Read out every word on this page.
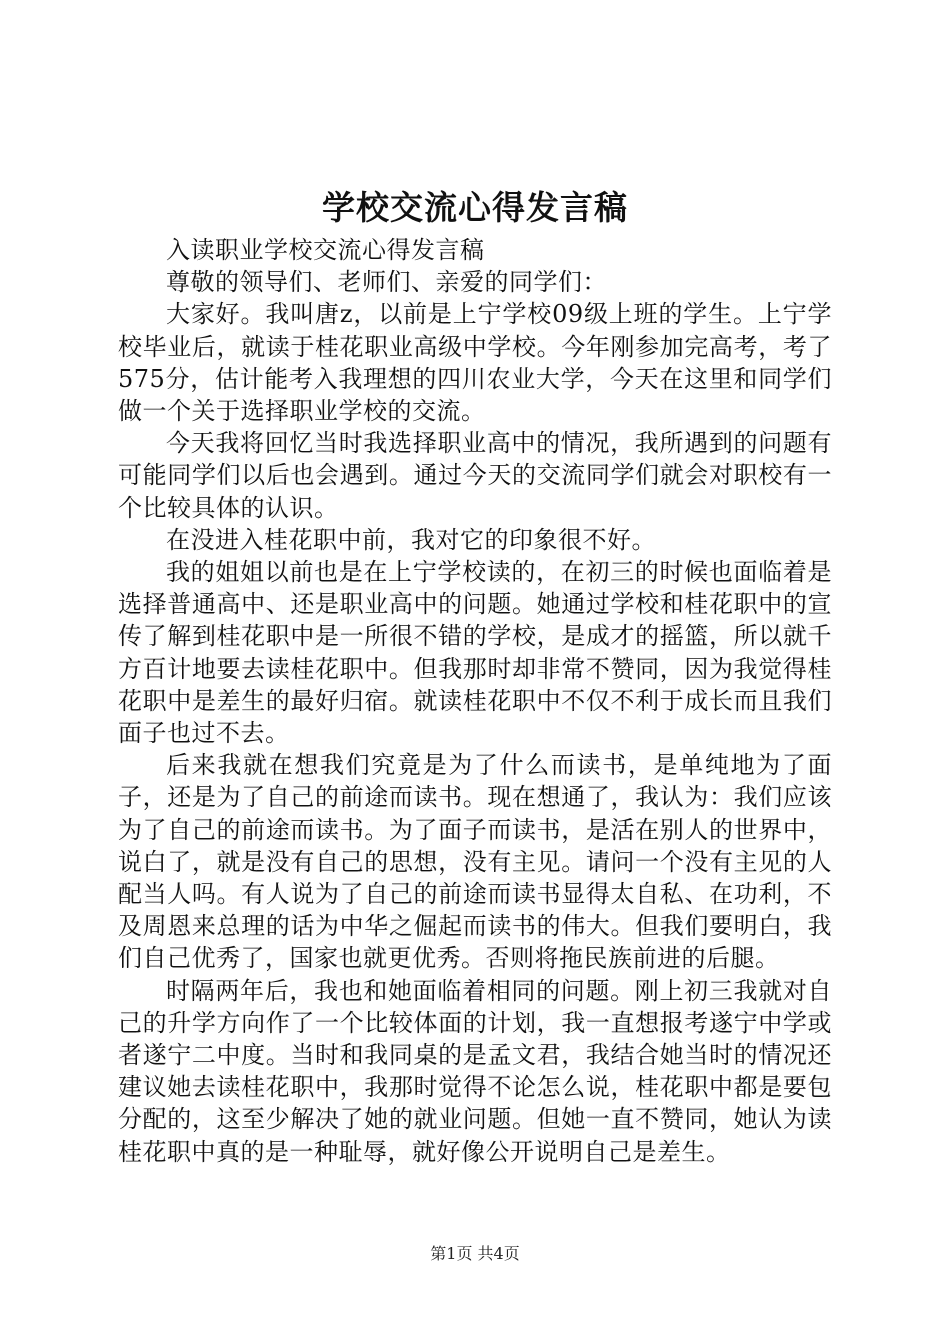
学校交流心得发言稿

入读职业学校交流心得发言稿

尊敬的领导们、老师们、亲爱的同学们：

大家好。我叫唐z，以前是上宁学校09级上班的学生。上宁学校毕业后，就读于桂花职业高级中学校。今年刚参加完高考，考了575分，估计能考入我理想的四川农业大学，今天在这里和同学们做一个关于选择职业学校的交流。

今天我将回忆当时我选择职业高中的情况，我所遇到的问题有可能同学们以后也会遇到。通过今天的交流同学们就会对职校有一个比较具体的认识。

在没进入桂花职中前，我对它的印象很不好。

我的姐姐以前也是在上宁学校读的，在初三的时候也面临着是选择普通高中、还是职业高中的问题。她通过学校和桂花职中的宣传了解到桂花职中是一所很不错的学校，是成才的摇篮，所以就千方百计地要去读桂花职中。但我那时却非常不赞同，因为我觉得桂花职中是差生的最好归宿。就读桂花职中不仅不利于成长而且我们面子也过不去。

后来我就在想我们究竟是为了什么而读书，是单纯地为了面子，还是为了自己的前途而读书。现在想通了，我认为：我们应该为了自己的前途而读书。为了面子而读书，是活在别人的世界中，说白了，就是没有自己的思想，没有主见。请问一个没有主见的人配当人吗。有人说为了自己的前途而读书显得太自私、在功利，不及周恩来总理的话为中华之倔起而读书的伟大。但我们要明白，我们自己优秀了，国家也就更优秀。否则将拖民族前进的后腿。

时隔两年后，我也和她面临着相同的问题。刚上初三我就对自己的升学方向作了一个比较体面的计划，我一直想报考遂宁中学或者遂宁二中度。当时和我同桌的是孟文君，我结合她当时的情况还建议她去读桂花职中，我那时觉得不论怎么说，桂花职中都是要包分配的，这至少解决了她的就业问题。但她一直不赞同，她认为读桂花职中真的是一种耻辱，就好像公开说明自己是差生。

第1页 共4页
